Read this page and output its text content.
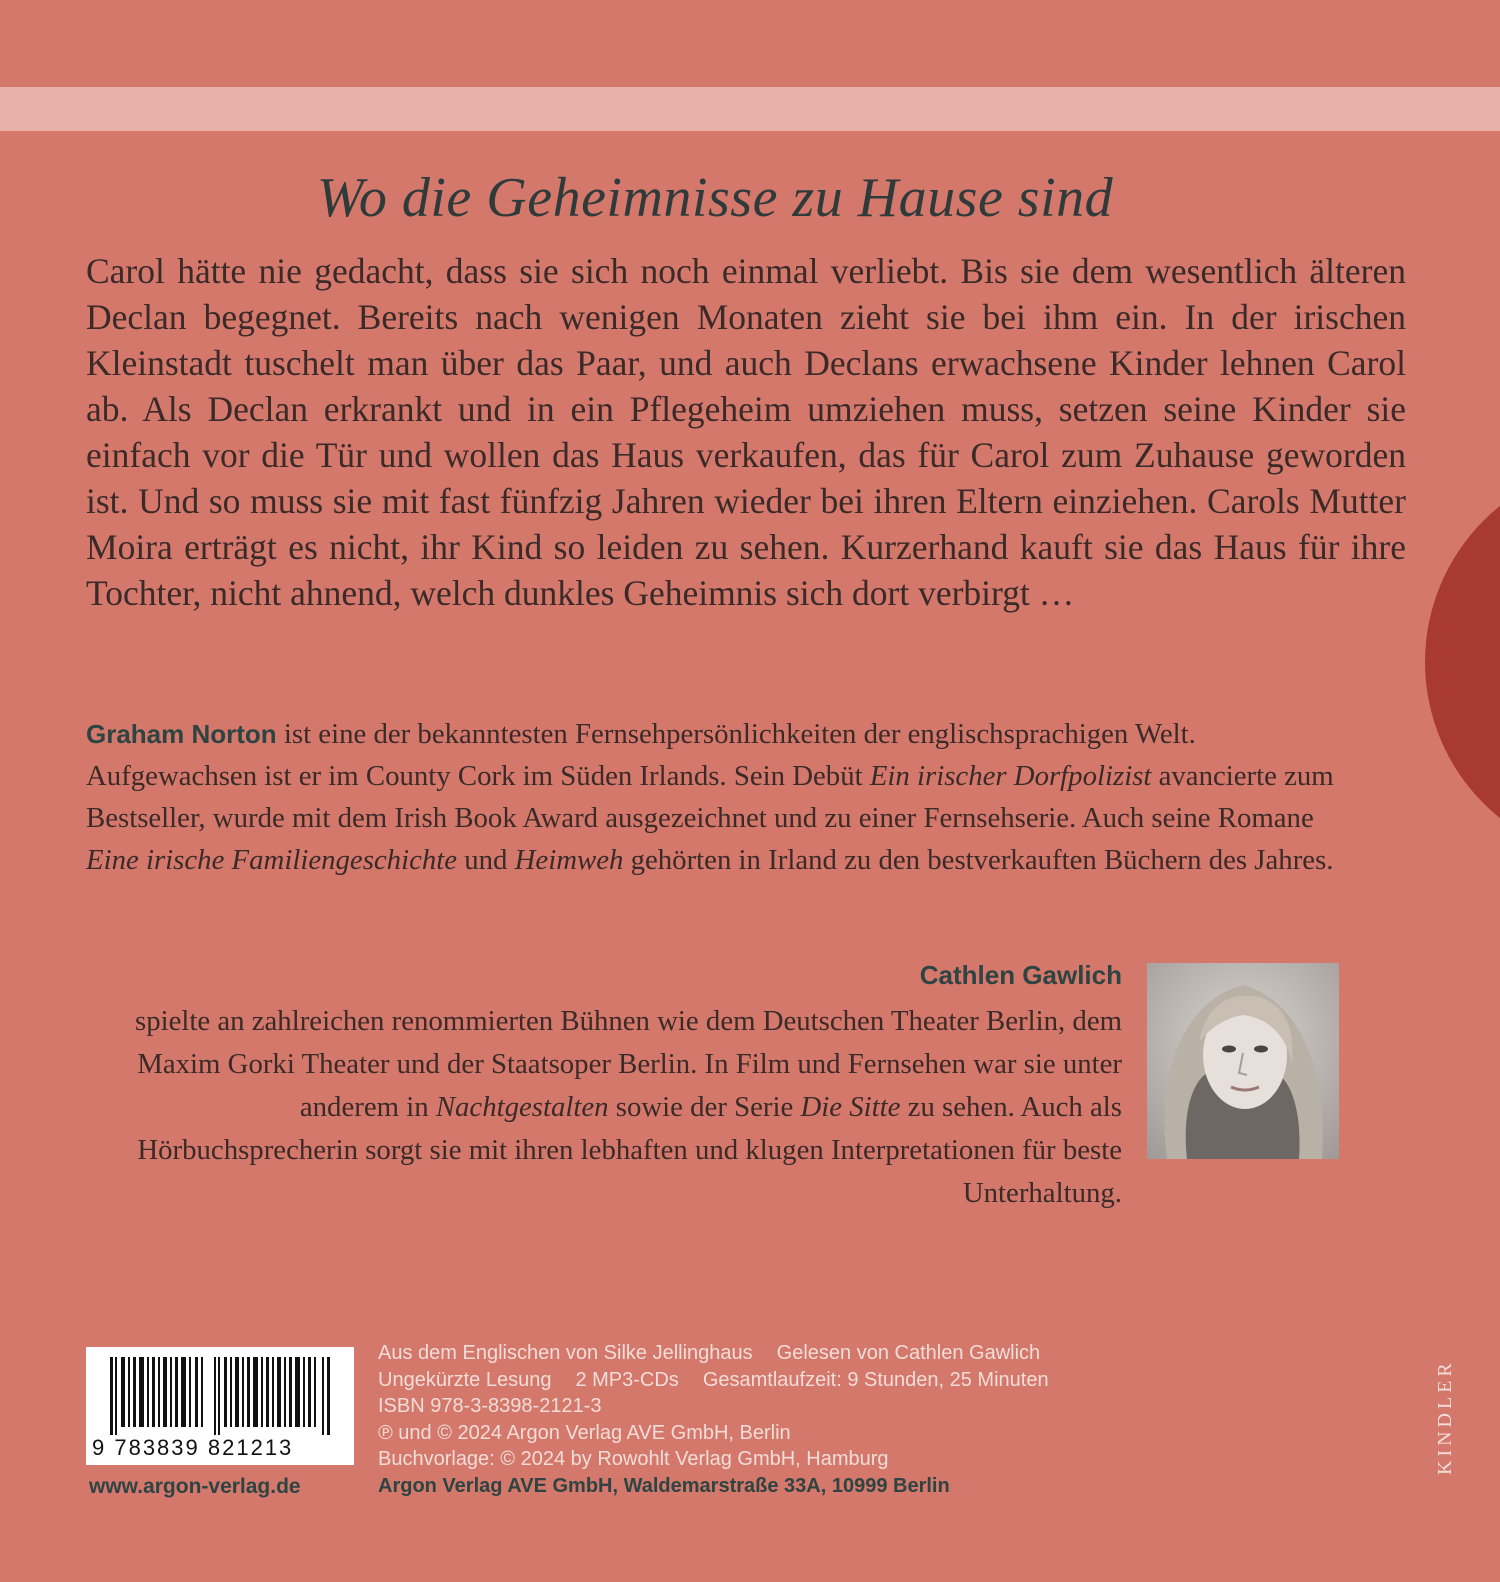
Wo die Geheimnisse zu Hause sind
Carol hätte nie gedacht, dass sie sich noch einmal verliebt. Bis sie dem wesentlich älteren Declan begegnet. Bereits nach wenigen Monaten zieht sie bei ihm ein. In der irischen Kleinstadt tuschelt man über das Paar, und auch Declans erwachsene Kinder lehnen Carol ab. Als Declan erkrankt und in ein Pflegeheim umziehen muss, setzen seine Kinder sie einfach vor die Tür und wollen das Haus verkaufen, das für Carol zum Zuhause geworden ist. Und so muss sie mit fast fünfzig Jahren wieder bei ihren Eltern einziehen. Carols Mutter Moira erträgt es nicht, ihr Kind so leiden zu sehen. Kurzerhand kauft sie das Haus für ihre Tochter, nicht ahnend, welch dunkles Geheimnis sich dort verbirgt …
Graham Norton ist eine der bekanntesten Fernsehpersönlichkeiten der englischsprachigen Welt. Aufgewachsen ist er im County Cork im Süden Irlands. Sein Debüt Ein irischer Dorfpolizist avancierte zum Bestseller, wurde mit dem Irish Book Award ausgezeichnet und zu einer Fernsehserie. Auch seine Romane Eine irische Familiengeschichte und Heimweh gehörten in Irland zu den bestverkauften Büchern des Jahres.
Cathlen Gawlich
spielte an zahlreichen renommierten Bühnen wie dem Deutschen Theater Berlin, dem Maxim Gorki Theater und der Staatsoper Berlin. In Film und Fernsehen war sie unter anderem in Nachtgestalten sowie der Serie Die Sitte zu sehen. Auch als Hörbuchsprecherin sorgt sie mit ihren lebhaften und klugen Interpretationen für beste Unterhaltung.
9 783839 821213
www.argon-verlag.de
Aus dem Englischen von Silke Jellinghaus Gelesen von Cathlen Gawlich
Ungekürzte Lesung 2 MP3-CDs Gesamtlaufzeit: 9 Stunden, 25 Minuten
ISBN 978-3-8398-2121-3
℗ und © 2024 Argon Verlag AVE GmbH, Berlin
Buchvorlage: © 2024 by Rowohlt Verlag GmbH, Hamburg
Argon Verlag AVE GmbH, Waldemarstraße 33A, 10999 Berlin
KINDLER
